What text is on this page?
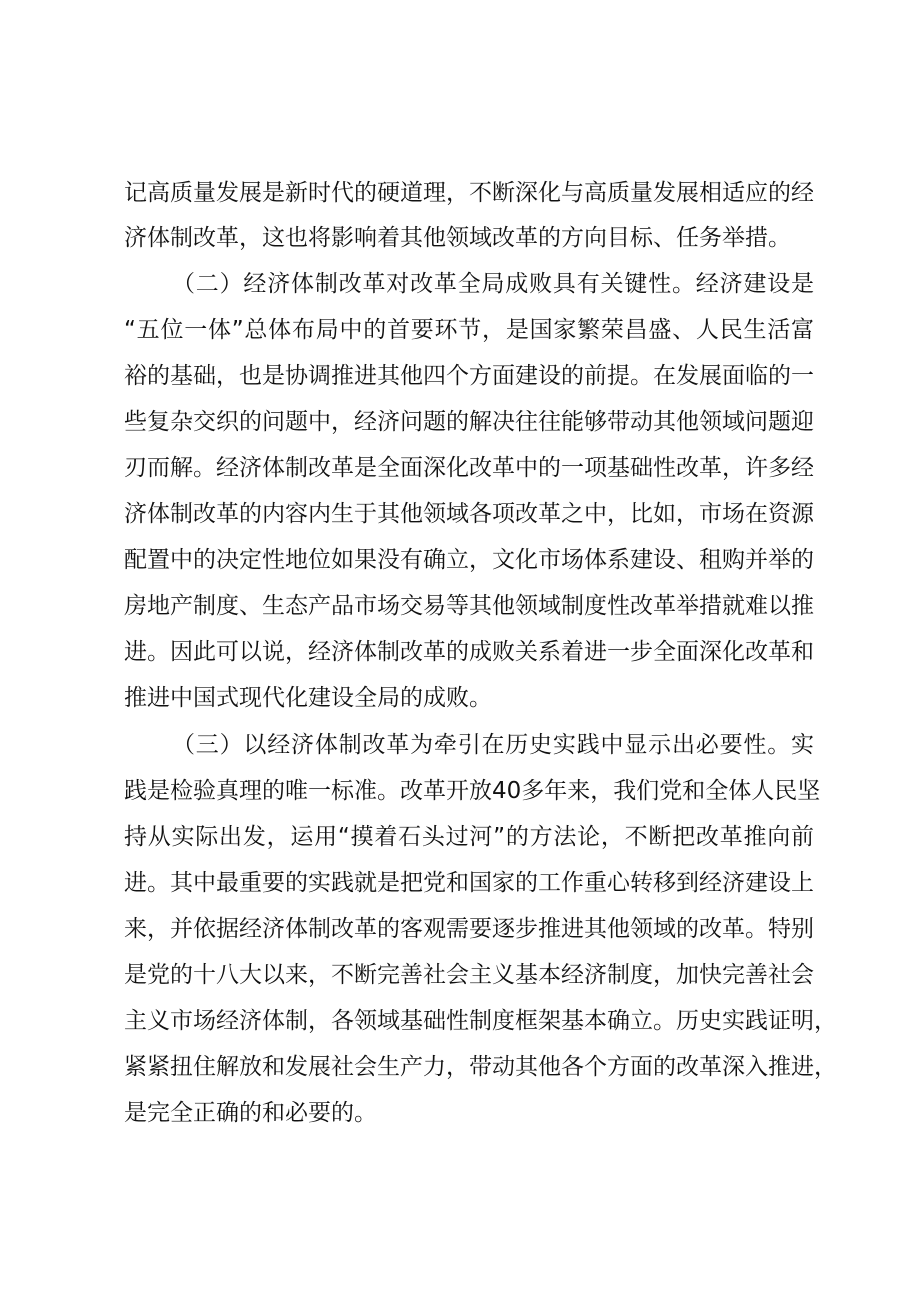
记高质量发展是新时代的硬道理，不断深化与高质量发展相适应的经
济体制改革，这也将影响着其他领域改革的方向目标、任务举措。
（二）经济体制改革对改革全局成败具有关键性。经济建设是
“五位一体”总体布局中的首要环节，是国家繁荣昌盛、人民生活富
裕的基础，也是协调推进其他四个方面建设的前提。在发展面临的一
些复杂交织的问题中，经济问题的解决往往能够带动其他领域问题迎
刃而解。经济体制改革是全面深化改革中的一项基础性改革，许多经
济体制改革的内容内生于其他领域各项改革之中，比如，市场在资源
配置中的决定性地位如果没有确立，文化市场体系建设、租购并举的
房地产制度、生态产品市场交易等其他领域制度性改革举措就难以推
进。因此可以说，经济体制改革的成败关系着进一步全面深化改革和
推进中国式现代化建设全局的成败。
（三）以经济体制改革为牵引在历史实践中显示出必要性。实
践是检验真理的唯一标准。改革开放40多年来，我们党和全体人民坚
持从实际出发，运用“摸着石头过河”的方法论，不断把改革推向前
进。其中最重要的实践就是把党和国家的工作重心转移到经济建设上
来，并依据经济体制改革的客观需要逐步推进其他领域的改革。特别
是党的十八大以来，不断完善社会主义基本经济制度，加快完善社会
主义市场经济体制，各领域基础性制度框架基本确立。历史实践证明，
紧紧扭住解放和发展社会生产力，带动其他各个方面的改革深入推进，
是完全正确的和必要的。
